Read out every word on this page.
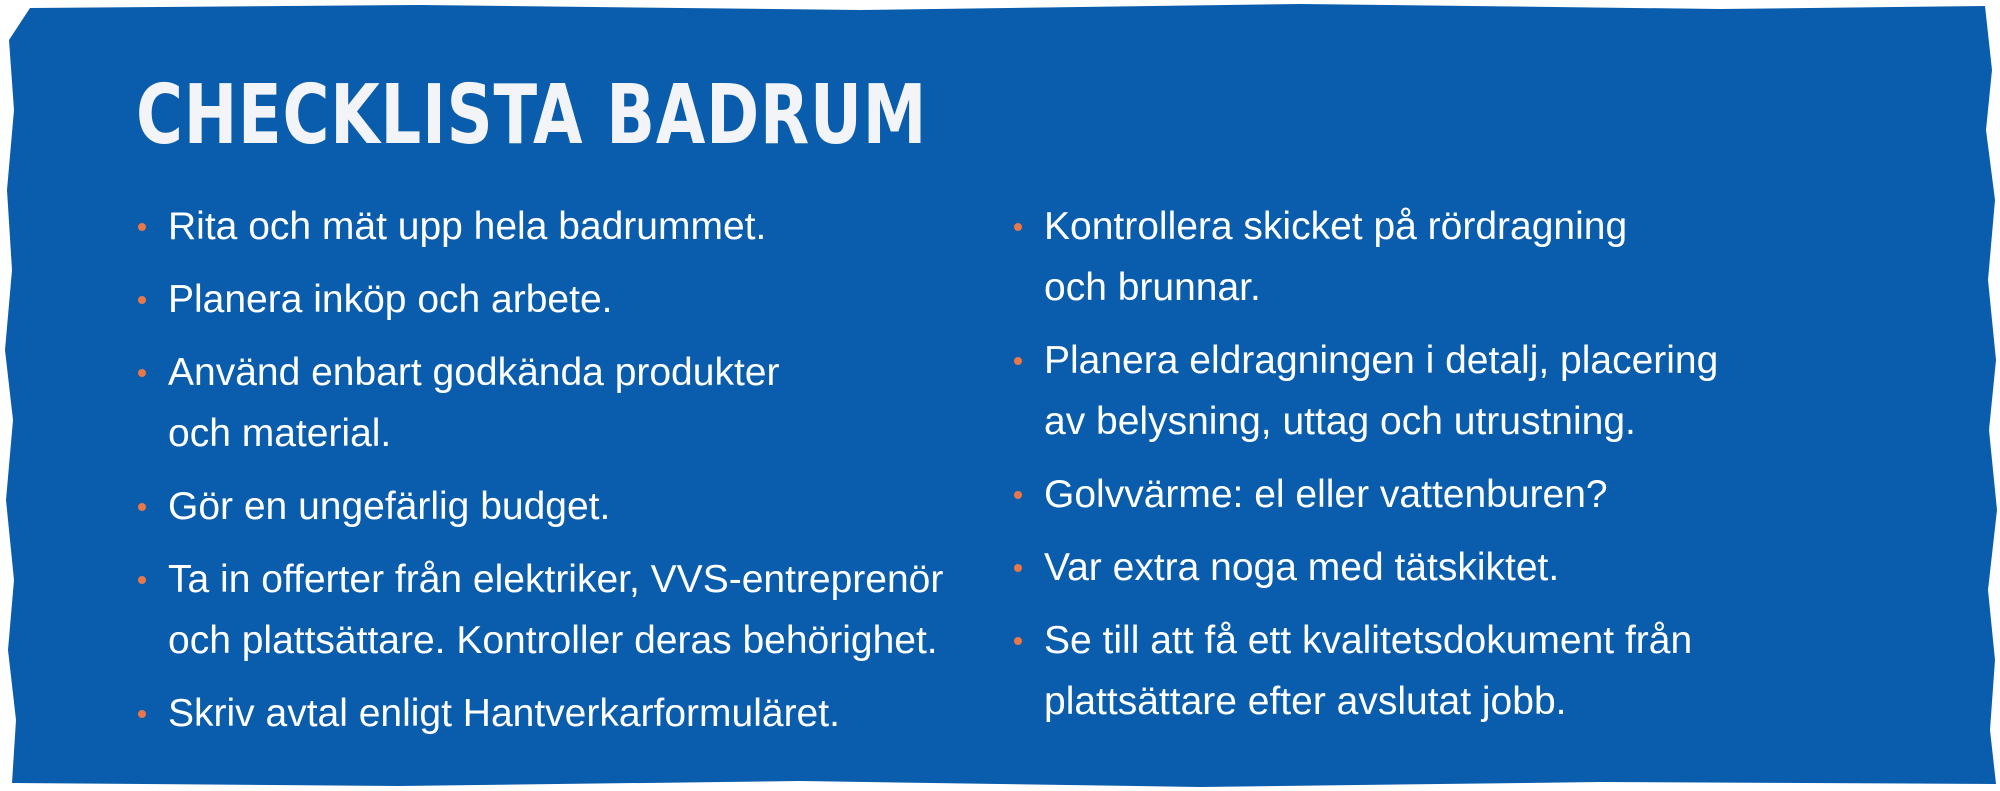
CHECKLISTA BADRUM
Rita och mät upp hela badrummet.
Planera inköp och arbete.
Använd enbart godkända produkter
och material.
Gör en ungefärlig budget.
Ta in offerter från elektriker, VVS-entreprenör
och plattsättare. Kontroller deras behörighet.
Skriv avtal enligt Hantverkarformuläret.
Kontrollera skicket på rördragning
och brunnar.
Planera eldragningen i detalj, placering
av belysning, uttag och utrustning.
Golvvärme: el eller vattenburen?
Var extra noga med tätskiktet.
Se till att få ett kvalitetsdokument från
plattsättare efter avslutat jobb.
